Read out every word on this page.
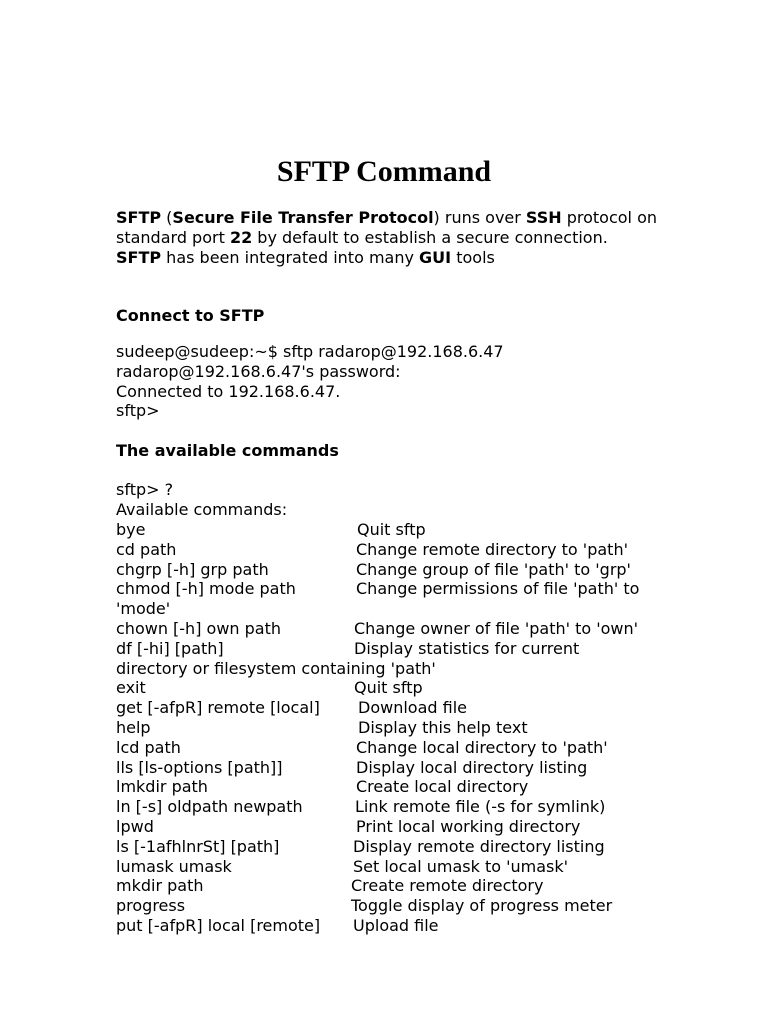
SFTP Command
SFTP (Secure File Transfer Protocol) runs over SSH protocol on
standard port 22 by default to establish a secure connection.
SFTP has been integrated into many GUI tools
Connect to SFTP
sudeep@sudeep:~$ sftp radarop@192.168.6.47
radarop@192.168.6.47's password:
Connected to 192.168.6.47.
sftp>
The available commands
sftp> ?
Available commands:
bye	Quit sftp
cd path	Change remote directory to 'path'
chgrp [-h] grp path	Change group of file 'path' to 'grp'
chmod [-h] mode path	Change permissions of file 'path' to
'mode'
chown [-h] own path	Change owner of file 'path' to 'own'
df [-hi] [path]	Display statistics for current
directory or filesystem containing 'path'
exit	Quit sftp
get [-afpR] remote [local] Download file
help	Display this help text
lcd path	Change local directory to 'path'
lls [ls-options [path]]	Display local directory listing
lmkdir path	Create local directory
ln [-s] oldpath newpath	Link remote file (-s for symlink)
lpwd	Print local working directory
ls [-1afhlnrSt] [path]	Display remote directory listing
lumask umask	Set local umask to 'umask'
mkdir path	Create remote directory
progress	Toggle display of progress meter
put [-afpR] local [remote] Upload file
